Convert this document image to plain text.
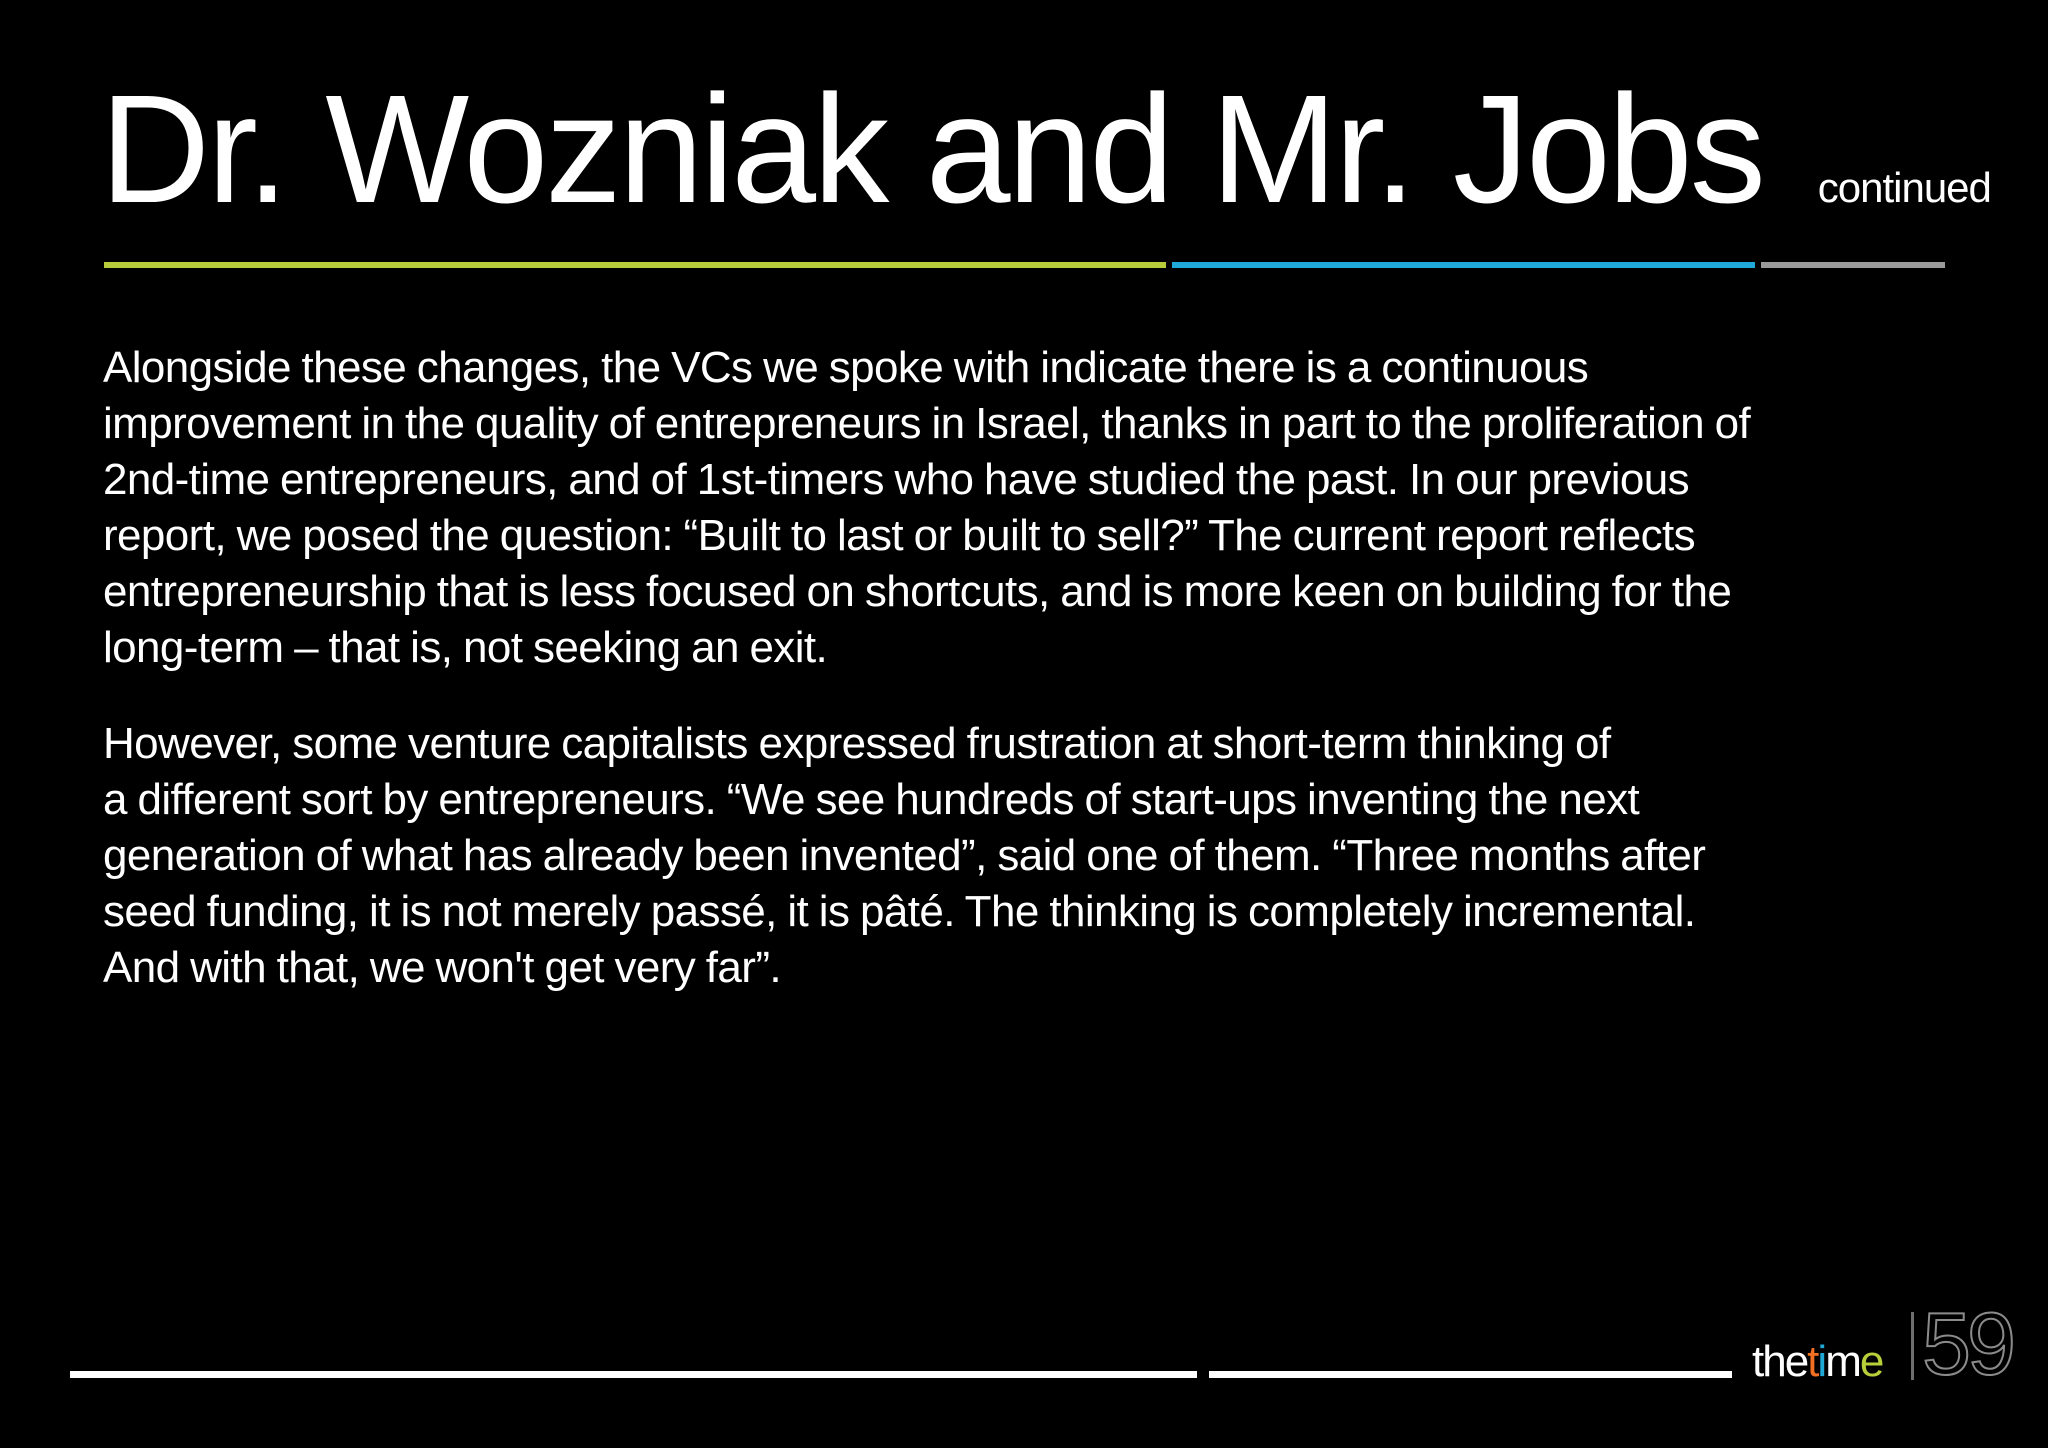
Dr. Wozniak and Mr. Jobs continued

Alongside these changes, the VCs we spoke with indicate there is a continuous
improvement in the quality of entrepreneurs in Israel, thanks in part to the proliferation of
2nd-time entrepreneurs, and of 1st-timers who have studied the past. In our previous
report, we posed the question: “Built to last or built to sell?” The current report reflects
entrepreneurship that is less focused on shortcuts, and is more keen on building for the
long-term – that is, not seeking an exit.

However, some venture capitalists expressed frustration at short-term thinking of
a different sort by entrepreneurs. “We see hundreds of start-ups inventing the next
generation of what has already been invented”, said one of them. “Three months after
seed funding, it is not merely passé, it is pâté. The thinking is completely incremental.
And with that, we won't get very far”.

thetime 59
